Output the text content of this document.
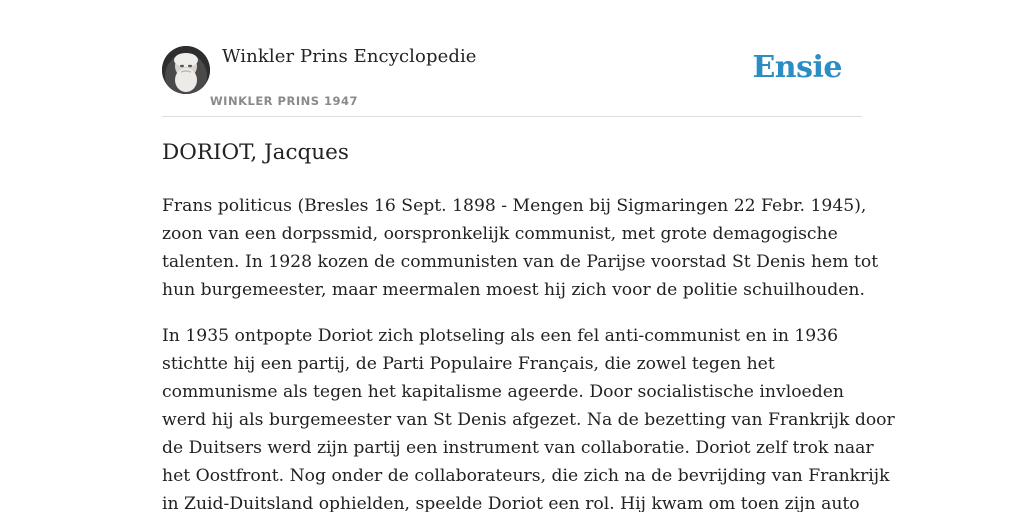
Winkler Prins Encyclopedie
WINKLER PRINS 1947
Ensie
DORIOT, Jacques

Frans politicus (Bresles 16 Sept. 1898 - Mengen bij Sigmaringen 22 Febr. 1945),
zoon van een dorpssmid, oorspronkelijk communist, met grote demagogische
talenten. In 1928 kozen de communisten van de Parijse voorstad St Denis hem tot
hun burgemeester, maar meermalen moest hij zich voor de politie schuilhouden.

In 1935 ontpopte Doriot zich plotseling als een fel anti-communist en in 1936
stichtte hij een partij, de Parti Populaire Français, die zowel tegen het
communisme als tegen het kapitalisme ageerde. Door socialistische invloeden
werd hij als burgemeester van St Denis afgezet. Na de bezetting van Frankrijk door
de Duitsers werd zijn partij een instrument van collaboratie. Doriot zelf trok naar
het Oostfront. Nog onder de collaborateurs, die zich na de bevrijding van Frankrijk
in Zuid-Duitsland ophielden, speelde Doriot een rol. Hij kwam om toen zijn auto
